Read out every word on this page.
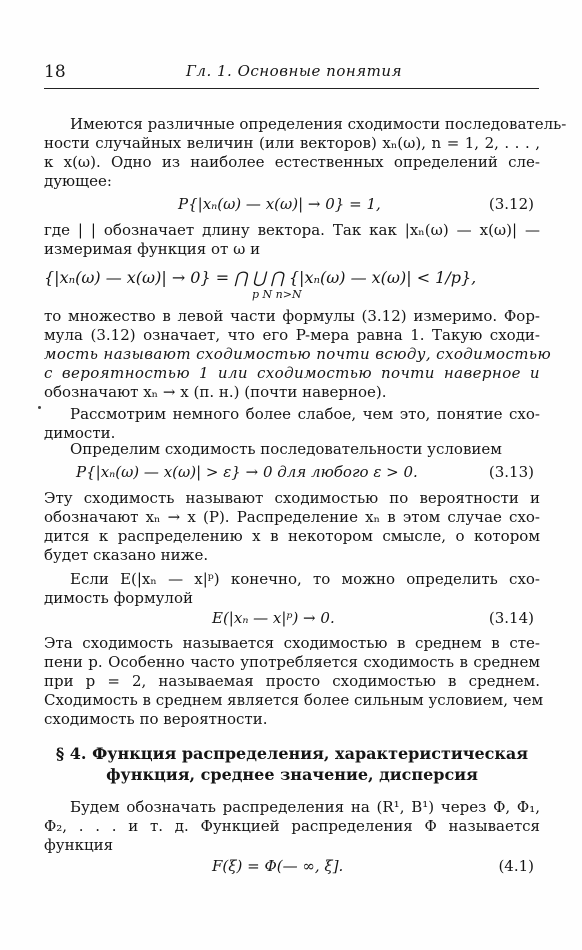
18	Гл. 1. Основные понятия
Имеются различные определения сходимости последователь-
ности случайных величин (или векторов) xₙ(ω), n = 1, 2, . . . ,
к x(ω). Одно из наиболее естественных определений сле-
дующее:
P{|xₙ(ω) — x(ω)| → 0} = 1,	(3.12)
где | | обозначает длину вектора. Так как |xₙ(ω) — x(ω)| —
измеримая функция от ω и
{|xₙ(ω) — x(ω)| → 0} = ⋂ ⋃ ⋂ {|xₙ(ω) — x(ω)| < 1/p},
p N n>N
то множество в левой части формулы (3.12) измеримо. Фор-
мула (3.12) означает, что его P-мера равна 1. Такую сходи-
мость называют сходимостью почти всюду, сходимостью
с вероятностью 1 или сходимостью почти наверное и
обозначают xₙ → x (п. н.) (почти наверное).
Рассмотрим немного более слабое, чем это, понятие схо-
димости.
Определим сходимость последовательности условием
P{|xₙ(ω) — x(ω)| > ε} → 0 для любого ε > 0.	(3.13)
Эту сходимость называют сходимостью по вероятности и
обозначают xₙ → x (P). Распределение xₙ в этом случае схо-
дится к распределению x в некотором смысле, о котором
будет сказано ниже.
Если E(|xₙ — x|ᵖ) конечно, то можно определить схо-
димость формулой
E(|xₙ — x|ᵖ) → 0.	(3.14)
Эта сходимость называется сходимостью в среднем в сте-
пени p. Особенно часто употребляется сходимость в среднем
при p = 2, называемая просто сходимостью в среднем.
Сходимость в среднем является более сильным условием, чем
сходимость по вероятности.
§ 4. Функция распределения, характеристическая
функция, среднее значение, дисперсия
Будем обозначать распределения на (R¹, B¹) через Φ, Φ₁,
Φ₂, . . . и т. д. Функцией распределения Φ называется
функция
F(ξ) = Φ(— ∞, ξ].	(4.1)
